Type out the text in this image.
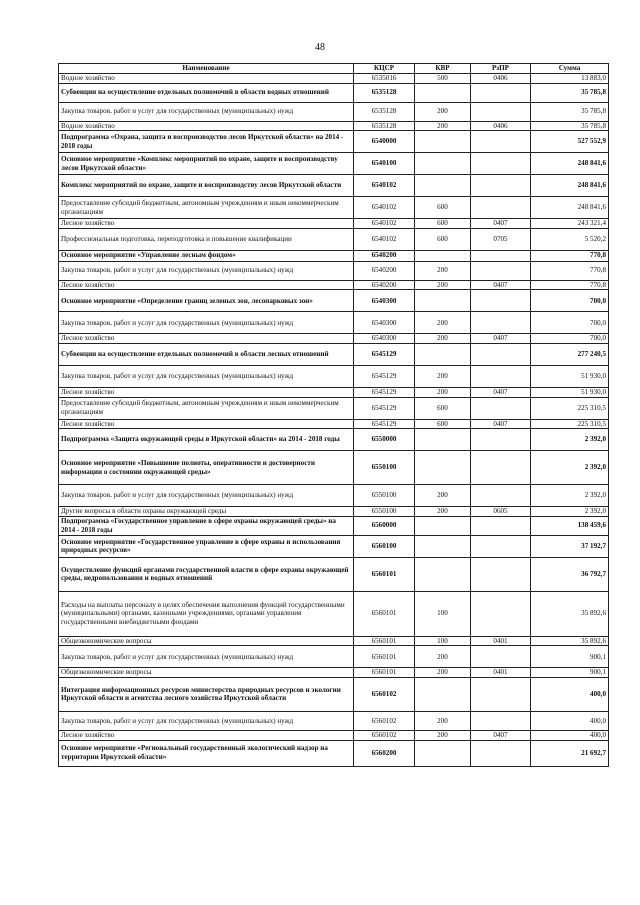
48
Наименование	КЦСР	КВР	РзПР	Сумма
Водное хозяйство	6535016	500	0406	13 883,0
Субвенции на осуществление отдельных полномочий в области водных отношений	6535128			35 785,8
Закупка товаров, работ и услуг для государственных (муниципальных) нужд	6535128	200		35 785,8
Водное хозяйство	6535128	200	0406	35 785,8
Подпрограмма «Охрана, защита и воспроизводство лесов Иркутской области» на 2014 - 2018 годы	6540000			527 552,9
Основное мероприятие «Комплекс мероприятий по охране, защите и воспроизводству лесов Иркутской области»	6540100			248 841,6
Комплекс мероприятий по охране, защите и воспроизводству лесов Иркутской области	6540102			248 841,6
Предоставление субсидий бюджетным, автономным учреждениям и иным некоммерческим организациям	6540102	600		248 841,6
Лесное хозяйство	6540102	600	0407	243 321,4
Профессиональная подготовка, переподготовка и повышение квалификации	6540102	600	0705	5 520,2
Основное мероприятие «Управление лесным фондом»	6540200			770,8
Закупка товаров, работ и услуг для государственных (муниципальных) нужд	6540200	200		770,8
Лесное хозяйство	6540200	200	0407	770,8
Основное мероприятие «Определение границ зеленых зон, лесопарковых зон»	6540300			700,0
Закупка товаров, работ и услуг для государственных (муниципальных) нужд	6540300	200		700,0
Лесное хозяйство	6540300	200	0407	700,0
Субвенции на осуществление отдельных полномочий в области лесных отношений	6545129			277 240,5
Закупка товаров, работ и услуг для государственных (муниципальных) нужд	6545129	200		51 930,0
Лесное хозяйство	6545129	200	0407	51 930,0
Предоставление субсидий бюджетным, автономным учреждениям и иным некоммерческим организациям	6545129	600		225 310,5
Лесное хозяйство	6545129	600	0407	225 310,5
Подпрограмма «Защита окружающей среды в Иркутской области» на 2014 - 2018 годы	6550000			2 392,0
Основное мероприятие «Повышение полноты, оперативности и достоверности информации о состоянии окружающей среды»	6550100			2 392,0
Закупка товаров, работ и услуг для государственных (муниципальных) нужд	6550100	200		2 392,0
Другие вопросы в области охраны окружающей среды	6550100	200	0605	2 392,0
Подпрограмма «Государственное управление в сфере охраны окружающей среды» на 2014 - 2018 годы	6560000			138 459,6
Основное мероприятие «Государственное управление в сфере охраны и использования природных ресурсов»	6560100			37 192,7
Осуществление функций органами государственной власти в сфере охраны окружающей среды, недропользования и водных отношений	6560101			36 792,7
Расходы на выплаты персоналу в целях обеспечения выполнения функций государственными (муниципальными) органами, казенными учреждениями, органами управления государственными внебюджетными фондами	6560101	100		35 892,6
Общеэкономические вопросы	6560101	100	0401	35 892,6
Закупка товаров, работ и услуг для государственных (муниципальных) нужд	6560101	200		900,1
Общеэкономические вопросы	6560101	200	0401	900,1
Интеграция информационных ресурсов министерства природных ресурсов и экологии Иркутской области и агентства лесного хозяйства Иркутской области	6560102			400,0
Закупка товаров, работ и услуг для государственных (муниципальных) нужд	6560102	200		400,0
Лесное хозяйство	6560102	200	0407	400,0
Основное мероприятие «Региональный государственный экологический надзор на территории Иркутской области»	6560200			21 692,7
